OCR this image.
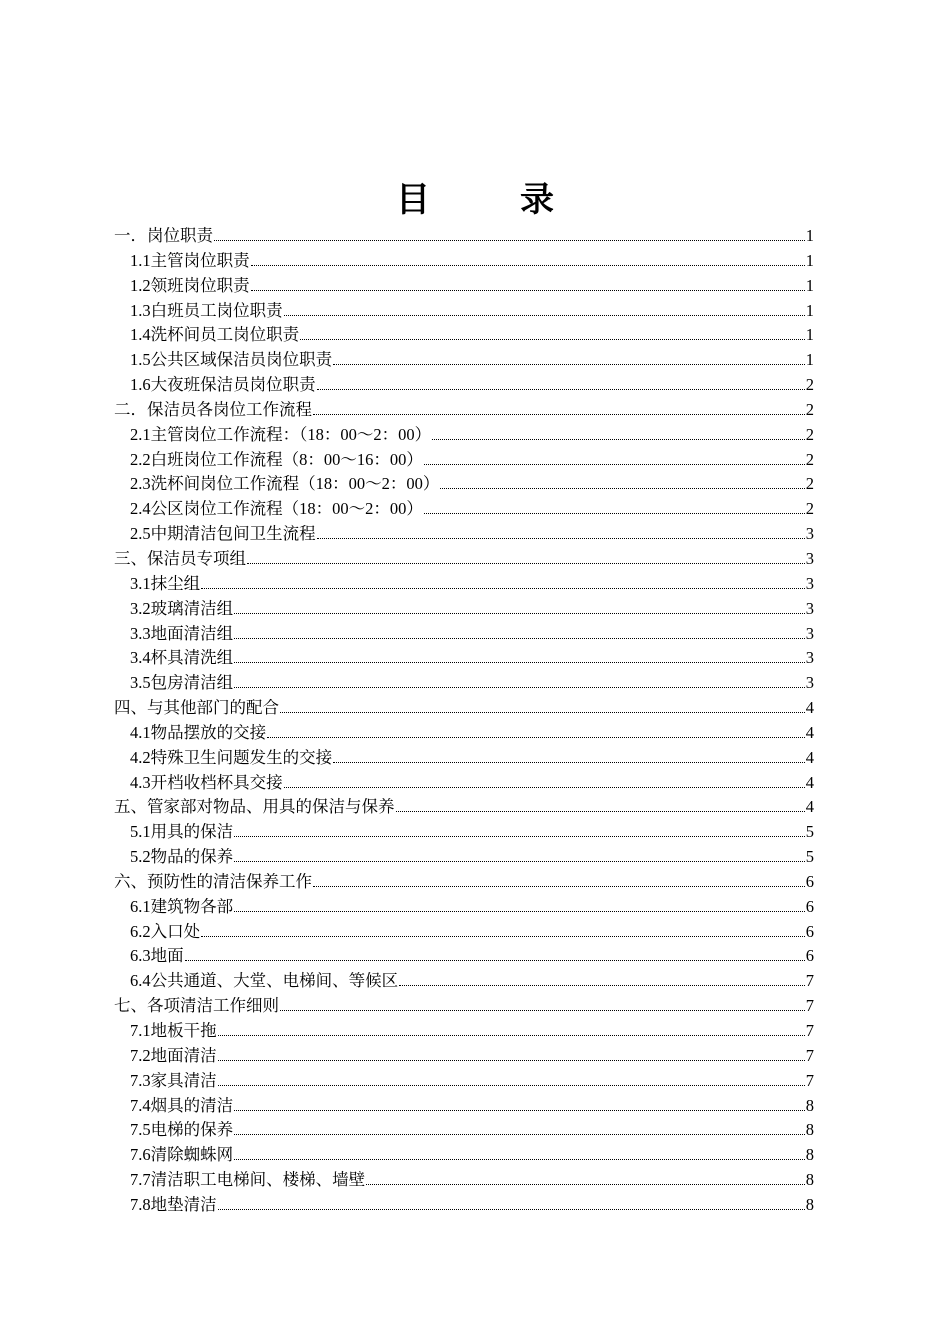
目　录
一．岗位职责	1
1.1主管岗位职责	1
1.2领班岗位职责	1
1.3白班员工岗位职责	1
1.4洗杯间员工岗位职责	1
1.5公共区域保洁员岗位职责	1
1.6大夜班保洁员岗位职责	2
二．保洁员各岗位工作流程	2
2.1主管岗位工作流程：（18：00～2：00）	2
2.2白班岗位工作流程（8：00～16：00）	2
2.3洗杯间岗位工作流程（18：00～2：00）	2
2.4公区岗位工作流程（18：00～2：00）	2
2.5中期清洁包间卫生流程	3
三、保洁员专项组	3
3.1抹尘组	3
3.2玻璃清洁组	3
3.3地面清洁组	3
3.4杯具清洗组	3
3.5包房清洁组	3
四、与其他部门的配合	4
4.1物品摆放的交接	4
4.2特殊卫生问题发生的交接	4
4.3开档收档杯具交接	4
五、管家部对物品、用具的保洁与保养	4
5.1用具的保洁	5
5.2物品的保养	5
六、预防性的清洁保养工作	6
6.1建筑物各部	6
6.2入口处	6
6.3地面	6
6.4公共通道、大堂、电梯间、等候区	7
七、各项清洁工作细则	7
7.1地板干拖	7
7.2地面清洁	7
7.3家具清洁	7
7.4烟具的清洁	8
7.5电梯的保养	8
7.6清除蜘蛛网	8
7.7清洁职工电梯间、楼梯、墙壁	8
7.8地垫清洁	8
